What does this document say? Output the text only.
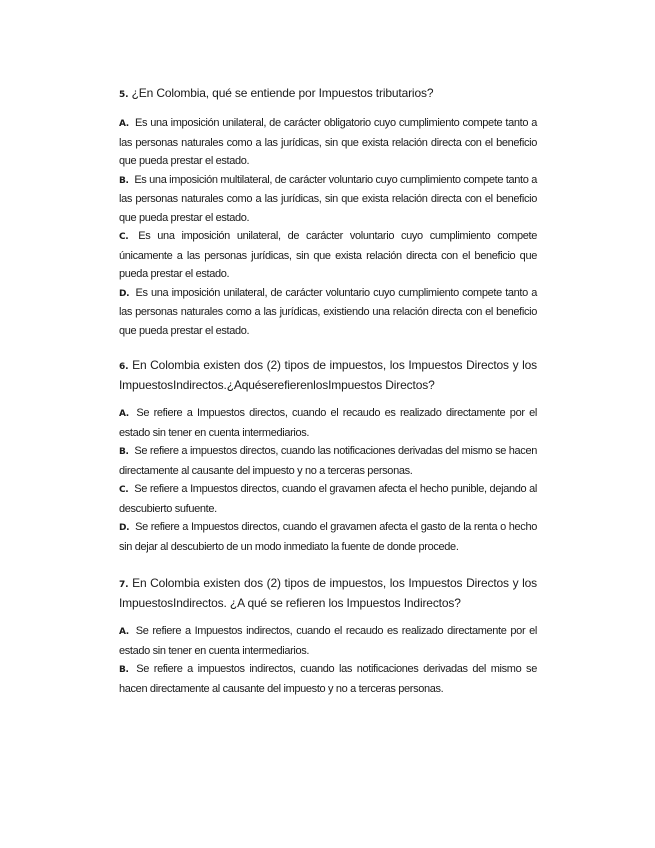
5. ¿En Colombia, qué se entiende por Impuestos tributarios?

A. Es una imposición unilateral, de carácter obligatorio cuyo cumplimiento compete tanto a las personas naturales como a las jurídicas, sin que exista relación directa con el beneficio que pueda prestar el estado.

B. Es una imposición multilateral, de carácter voluntario cuyo cumplimiento compete tanto a las personas naturales como a las jurídicas, sin que exista relación directa con el beneficio que pueda prestar el estado.

C. Es una imposición unilateral, de carácter voluntario cuyo cumplimiento compete únicamente a las personas jurídicas, sin que exista relación directa con el beneficio que pueda prestar el estado.

D. Es una imposición unilateral, de carácter voluntario cuyo cumplimiento compete tanto a las personas naturales como a las jurídicas, existiendo una relación directa con el beneficio que pueda prestar el estado.

6. En Colombia existen dos (2) tipos de impuestos, los Impuestos Directos y los ImpuestosIndirectos.¿AquéserefierenlosImpuestos Directos?

A. Se refiere a Impuestos directos, cuando el recaudo es realizado directamente por el estado sin tener en cuenta intermediarios.

B. Se refiere a impuestos directos, cuando las notificaciones derivadas del mismo se hacen directamente al causante del impuesto y no a terceras personas.

C. Se refiere a Impuestos directos, cuando el gravamen afecta el hecho punible, dejando al descubierto sufuente.

D. Se refiere a Impuestos directos, cuando el gravamen afecta el gasto de la renta o hecho sin dejar al descubierto de un modo inmediato la fuente de donde procede.

7. En Colombia existen dos (2) tipos de impuestos, los Impuestos Directos y los ImpuestosIndirectos. ¿A qué se refieren los Impuestos Indirectos?

A. Se refiere a Impuestos indirectos, cuando el recaudo es realizado directamente por el estado sin tener en cuenta intermediarios.

B. Se refiere a impuestos indirectos, cuando las notificaciones derivadas del mismo se hacen directamente al causante del impuesto y no a terceras personas.
